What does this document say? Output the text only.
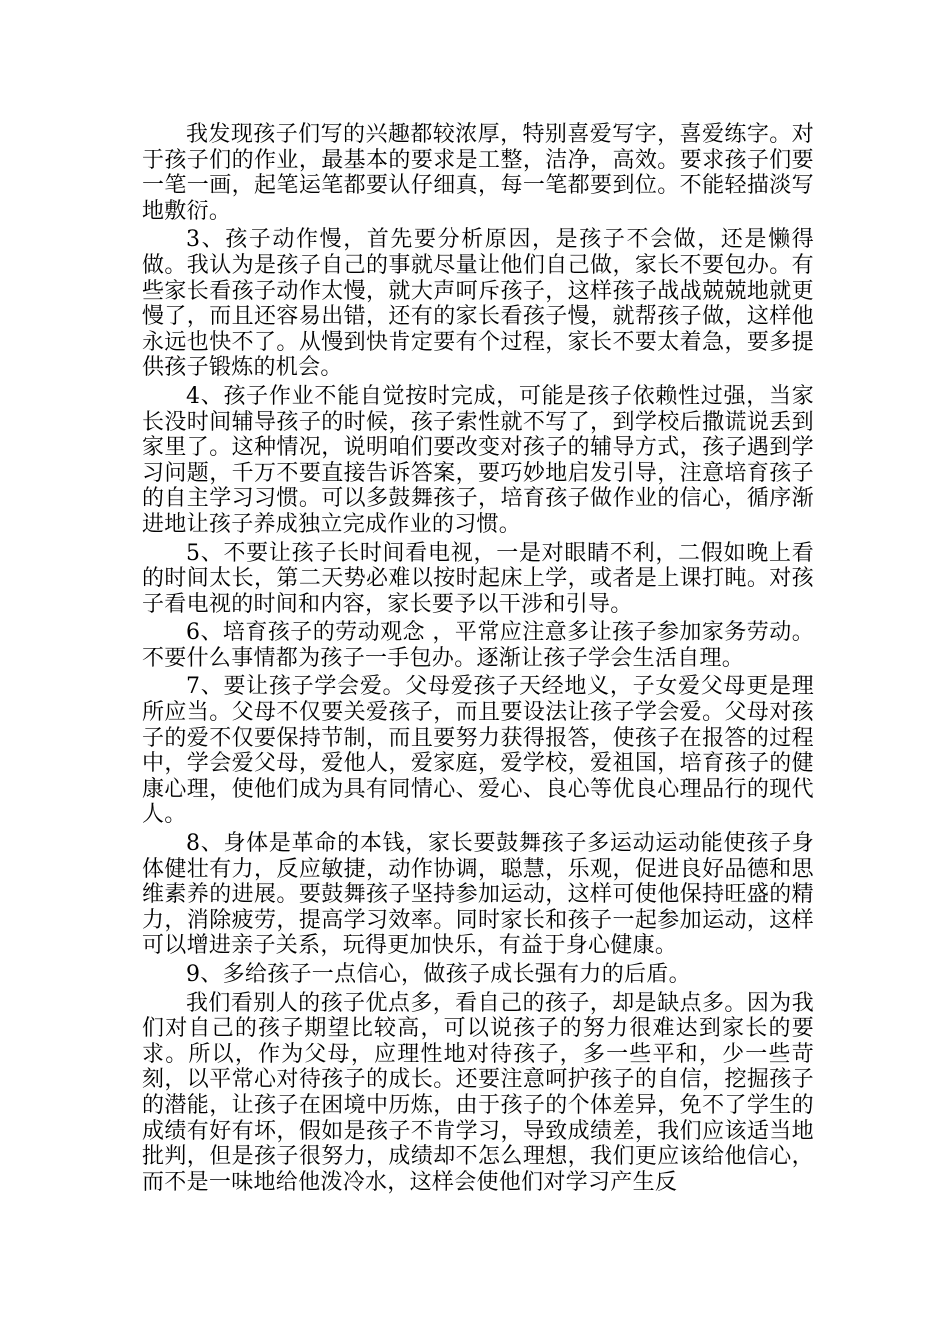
我发现孩子们写的兴趣都较浓厚，特别喜爱写字，喜爱练字。对于孩子们的作业，最基本的要求是工整，洁净，高效。要求孩子们要一笔一画，起笔运笔都要认仔细真，每一笔都要到位。不能轻描淡写地敷衍。

3、孩子动作慢，首先要分析原因，是孩子不会做，还是懒得做。我认为是孩子自己的事就尽量让他们自己做，家长不要包办。有些家长看孩子动作太慢，就大声呵斥孩子，这样孩子战战兢兢地就更慢了，而且还容易出错，还有的家长看孩子慢，就帮孩子做，这样他永远也快不了。从慢到快肯定要有个过程，家长不要太着急，要多提供孩子锻炼的机会。

4、孩子作业不能自觉按时完成，可能是孩子依赖性过强，当家长没时间辅导孩子的时候，孩子索性就不写了，到学校后撒谎说丢到家里了。这种情况，说明咱们要改变对孩子的辅导方式，孩子遇到学习问题，千万不要直接告诉答案，要巧妙地启发引导，注意培育孩子的自主学习习惯。可以多鼓舞孩子，培育孩子做作业的信心，循序渐进地让孩子养成独立完成作业的习惯。

5、不要让孩子长时间看电视，一是对眼睛不利，二假如晚上看的时间太长，第二天势必难以按时起床上学，或者是上课打盹。对孩子看电视的时间和内容，家长要予以干涉和引导。

6、培育孩子的劳动观念 ，平常应注意多让孩子参加家务劳动。不要什么事情都为孩子一手包办。逐渐让孩子学会生活自理。

7、要让孩子学会爱。父母爱孩子天经地义，子女爱父母更是理所应当。父母不仅要关爱孩子，而且要设法让孩子学会爱。父母对孩子的爱不仅要保持节制，而且要努力获得报答，使孩子在报答的过程中，学会爱父母，爱他人，爱家庭，爱学校，爱祖国，培育孩子的健康心理，使他们成为具有同情心、爱心、良心等优良心理品行的现代人。

8、身体是革命的本钱，家长要鼓舞孩子多运动运动能使孩子身体健壮有力，反应敏捷，动作协调，聪慧，乐观，促进良好品德和思维素养的进展。要鼓舞孩子坚持参加运动，这样可使他保持旺盛的精力，消除疲劳，提高学习效率。同时家长和孩子一起参加运动，这样可以增进亲子关系，玩得更加快乐，有益于身心健康。

9、多给孩子一点信心，做孩子成长强有力的后盾。

我们看别人的孩子优点多，看自己的孩子，却是缺点多。因为我们对自己的孩子期望比较高，可以说孩子的努力很难达到家长的要求。所以，作为父母，应理性地对待孩子，多一些平和，少一些苛刻，以平常心对待孩子的成长。还要注意呵护孩子的自信，挖掘孩子的潜能，让孩子在困境中历炼，由于孩子的个体差异，免不了学生的成绩有好有坏，假如是孩子不肯学习，导致成绩差，我们应该适当地批判，但是孩子很努力，成绩却不怎么理想，我们更应该给他信心，而不是一味地给他泼冷水，这样会使他们对学习产生反
